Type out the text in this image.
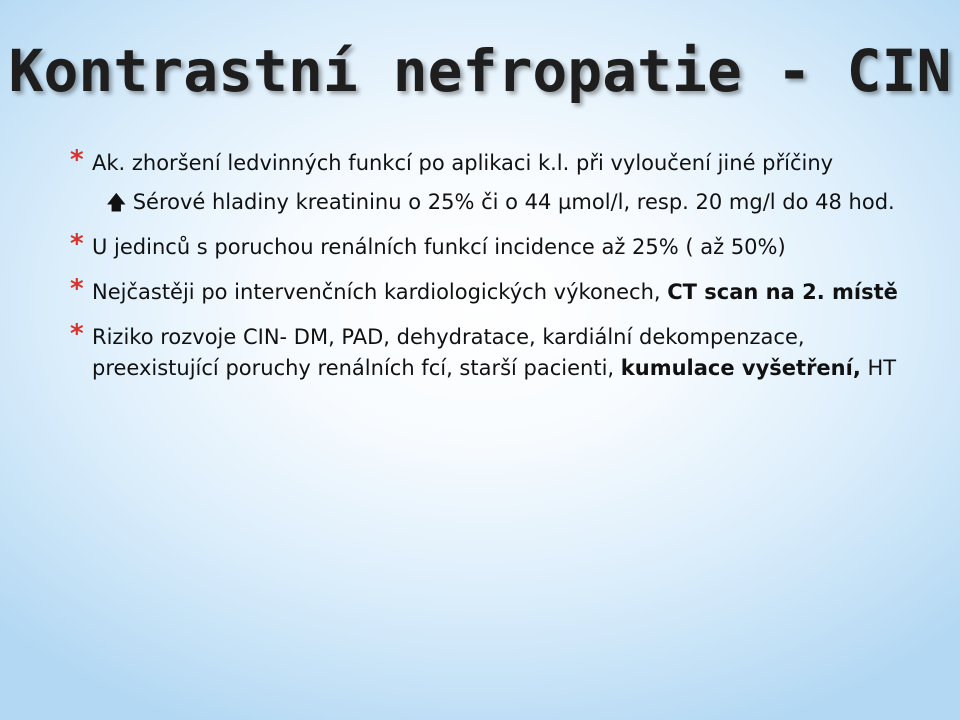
Kontrastní nefropatie - CIN
* Ak. zhoršení ledvinných funkcí po aplikaci k.l. při vyloučení jiné příčiny
🡅 Sérové hladiny kreatininu o 25% či o 44 µmol/l, resp. 20 mg/l do 48 hod.
* U jedinců s poruchou renálních funkcí incidence až 25% ( až 50%)
* Nejčastěji po intervenčních kardiologických výkonech, CT scan na 2. místě
* Riziko rozvoje CIN- DM, PAD, dehydratace, kardiální dekompenzace, preexistující poruchy renálních fcí, starší pacienti, kumulace vyšetření, HT
